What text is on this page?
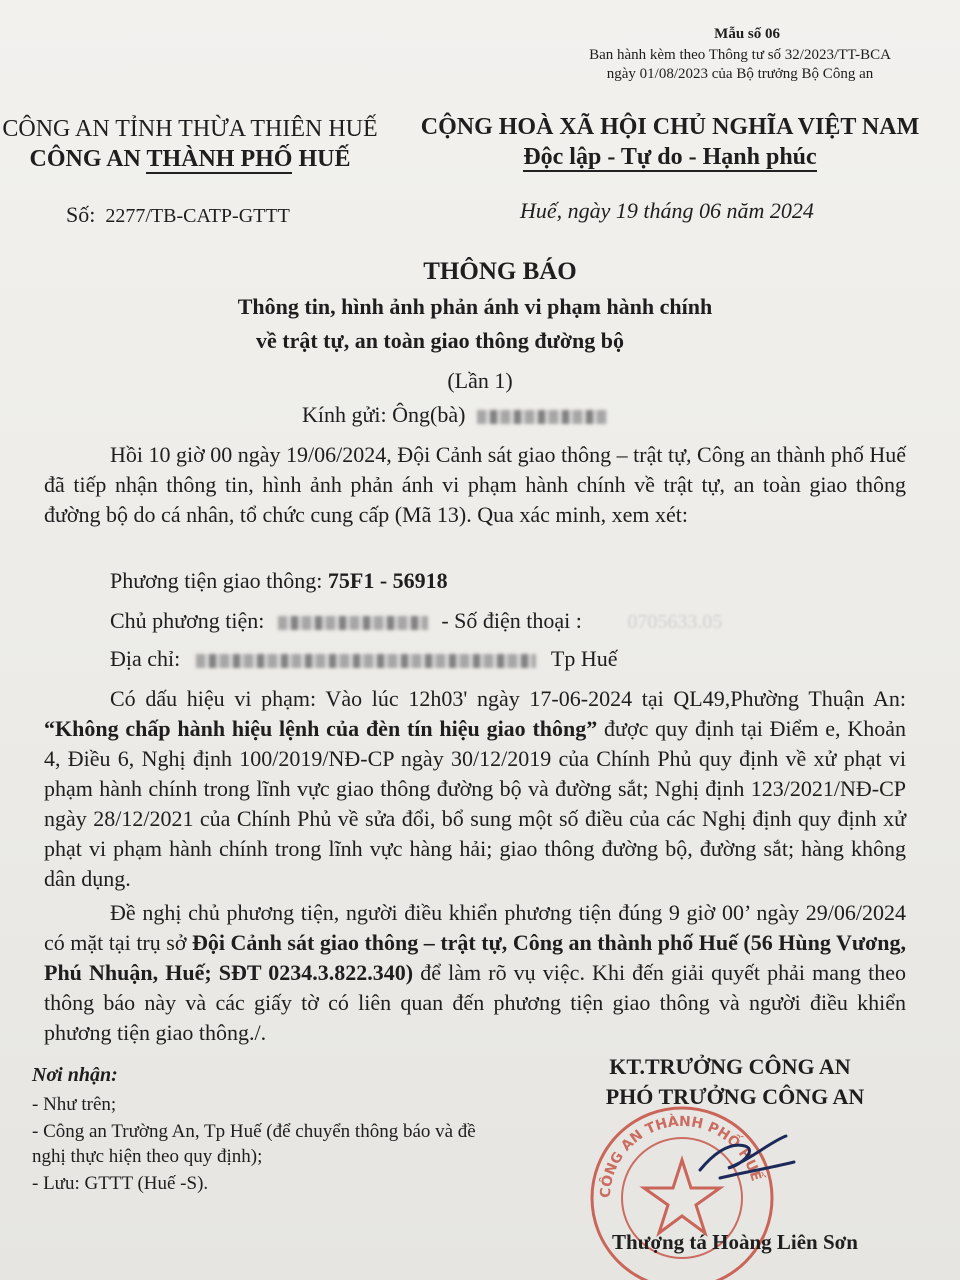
Mẫu số 06
Ban hành kèm theo Thông tư số 32/2023/TT-BCA
ngày 01/08/2023 của Bộ trưởng Bộ Công an
CÔNG AN TỈNH THỪA THIÊN HUẾ
CÔNG AN THÀNH PHỐ HUẾ
CỘNG HOÀ XÃ HỘI CHỦ NGHĨA VIỆT NAM
Độc lập - Tự do - Hạnh phúc
Số: 2277/TB-CATP-GTTT	Huế, ngày 19 tháng 06 năm 2024
THÔNG BÁO
Thông tin, hình ảnh phản ánh vi phạm hành chính
về trật tự, an toàn giao thông đường bộ
(Lần 1)
Kính gửi: Ông(bà)
Hồi 10 giờ 00 ngày 19/06/2024, Đội Cảnh sát giao thông – trật tự, Công an thành phố Huế đã tiếp nhận thông tin, hình ảnh phản ánh vi phạm hành chính về trật tự, an toàn giao thông đường bộ do cá nhân, tổ chức cung cấp (Mã 13). Qua xác minh, xem xét:
Phương tiện giao thông: 75F1 - 56918
Chủ phương tiện:	- Số điện thoại : 0705633.05
Địa chỉ:	Tp Huế
Có dấu hiệu vi phạm: Vào lúc 12h03' ngày 17-06-2024 tại QL49,Phường Thuận An: “Không chấp hành hiệu lệnh của đèn tín hiệu giao thông” được quy định tại Điểm e, Khoản 4, Điều 6, Nghị định 100/2019/NĐ-CP ngày 30/12/2019 của Chính Phủ quy định về xử phạt vi phạm hành chính trong lĩnh vực giao thông đường bộ và đường sắt; Nghị định 123/2021/NĐ-CP ngày 28/12/2021 của Chính Phủ về sửa đổi, bổ sung một số điều của các Nghị định quy định xử phạt vi phạm hành chính trong lĩnh vực hàng hải; giao thông đường bộ, đường sắt; hàng không dân dụng.
Đề nghị chủ phương tiện, người điều khiển phương tiện đúng 9 giờ 00’ ngày 29/06/2024 có mặt tại trụ sở Đội Cảnh sát giao thông – trật tự, Công an thành phố Huế (56 Hùng Vương, Phú Nhuận, Huế; SĐT 0234.3.822.340) để làm rõ vụ việc. Khi đến giải quyết phải mang theo thông báo này và các giấy tờ có liên quan đến phương tiện giao thông và người điều khiển phương tiện giao thông./.
Nơi nhận:
- Như trên;
- Công an Trường An, Tp Huế (để chuyển thông báo và đề nghị thực hiện theo quy định);
- Lưu: GTTT (Huế -S).
KT.TRƯỞNG CÔNG AN
PHÓ TRƯỞNG CÔNG AN
CÔNG AN THÀNH PHỐ HUẾ
Thượng tá Hoàng Liên Sơn
